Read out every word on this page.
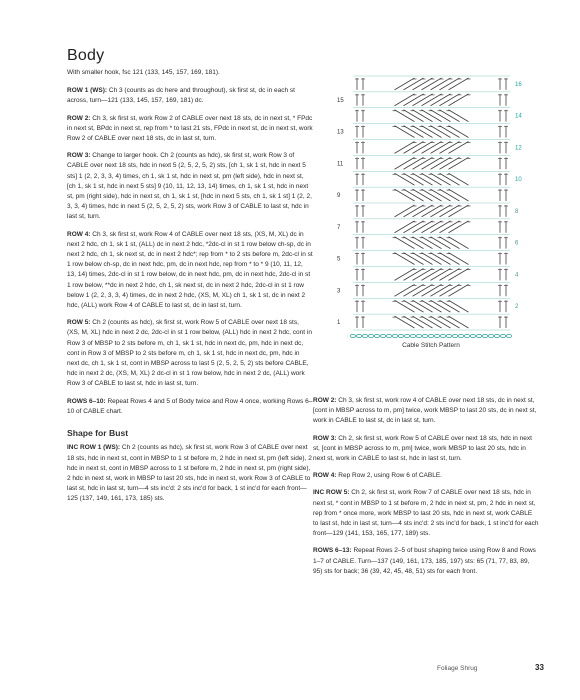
Body

With smaller hook, fsc 121 (133, 145, 157, 169, 181).

ROW 1 (WS): Ch 3 (counts as dc here and throughout), sk first st, dc in each st across, turn—121 (133, 145, 157, 169, 181) dc.

ROW 2: Ch 3, sk first st, work Row 2 of CABLE over next 18 sts, dc in next st, * FPdc in next st, BPdc in next st, rep from * to last 21 sts, FPdc in next st, dc in next st, work Row 2 of CABLE over next 18 sts, dc in last st, turn.

ROW 3: Change to larger hook. Ch 2 (counts as hdc), sk first st, work Row 3 of CABLE over next 18 sts, hdc in next 5 (2, 5, 2, 5, 2) sts, [ch 1, sk 1 st, hdc in next 5 sts] 1 (2, 2, 3, 3, 4) times, ch 1, sk 1 st, hdc in next st, pm (left side), hdc in next st, [ch 1, sk 1 st, hdc in next 5 sts] 9 (10, 11, 12, 13, 14) times, ch 1, sk 1 st, hdc in next st, pm (right side), hdc in next st, ch 1, sk 1 st, [hdc in next 5 sts, ch 1, sk 1 st] 1 (2, 2, 3, 3, 4) times, hdc in next 5 (2, 5, 2, 5, 2) sts, work Row 3 of CABLE to last st, hdc in last st, turn.

ROW 4: Ch 3, sk first st, work Row 4 of CABLE over next 18 sts, (XS, M, XL) dc in next 2 hdc, ch 1, sk 1 st, (ALL) dc in next 2 hdc, *2dc-cl in st 1 row below ch-sp, dc in next 2 hdc, ch 1, sk next st, dc in next 2 hdc*; rep from * to 2 sts before m, 2dc-cl in st 1 row below ch-sp, dc in next hdc, pm, dc in next hdc, rep from * to * 9 (10, 11, 12, 13, 14) times, 2dc-cl in st 1 row below, dc in next hdc, pm, dc in next hdc, 2dc-cl in st 1 row below, **dc in next 2 hdc, ch 1, sk next st, dc in next 2 hdc, 2dc-cl in st 1 row below 1 (2, 2, 3, 3, 4) times, dc in next 2 hdc, (XS, M, XL) ch 1, sk 1 st, dc in next 2 hdc, (ALL) work Row 4 of CABLE to last st, dc in last st, turn.

ROW 5: Ch 2 (counts as hdc), sk first st, work Row 5 of CABLE over next 18 sts, (XS, M, XL) hdc in next 2 dc, 2dc-cl in st 1 row below, (ALL) hdc in next 2 hdc, cont in Row 3 of MBSP to 2 sts before m, ch 1, sk 1 st, hdc in next dc, pm, hdc in next dc, cont in Row 3 of MBSP to 2 sts before m, ch 1, sk 1 st, hdc in next dc, pm, hdc in next dc, ch 1, sk 1 st, cont in MBSP across to last 5 (2, 5, 2, 5, 2) sts before CABLE, hdc in next 2 dc, (XS, M, XL) 2 dc-cl in st 1 row below, hdc in next 2 dc, (ALL) work Row 3 of CABLE to last st, hdc in last st, turn.

ROWS 6–10: Repeat Rows 4 and 5 of Body twice and Row 4 once, working Rows 6–10 of CABLE chart.

Shape for Bust

INC ROW 1 (WS): Ch 2 (counts as hdc), sk first st, work Row 3 of CABLE over next 18 sts, hdc in next st, cont in MBSP to 1 st before m, 2 hdc in next st, pm (left side), 2 hdc in next st, cont in MBSP across to 1 st before m, 2 hdc in next st, pm (right side), 2 hdc in next st, work in MBSP to last 20 sts, hdc in next st, work Row 3 of CABLE to last st, hdc in last st, turn—4 sts inc'd: 2 sts inc'd for back, 1 st inc'd for each front—125 (137, 149, 161, 173, 185) sts.

15
13
11
9
7
5
3
1
16
14
12
10
8
6
4
2
Cable Stitch Pattern

ROW 2: Ch 3, sk first st, work row 4 of CABLE over next 18 sts, dc in next st, [cont in MBSP across to m, pm] twice, work MBSP to last 20 sts, dc in next st, work in CABLE to last st, dc in last st, turn.

ROW 3: Ch 2, sk first st, work Row 5 of CABLE over next 18 sts, hdc in next st, [cont in MBSP across to m, pm] twice, work MBSP to last 20 sts, hdc in next st, work in CABLE to last st, hdc in last st, turn.

ROW 4: Rep Row 2, using Row 6 of CABLE.

INC ROW 5: Ch 2, sk first st, work Row 7 of CABLE over next 18 sts, hdc in next st, * cont in MBSP to 1 st before m, 2 hdc in next st, pm, 2 hdc in next st, rep from * once more, work MBSP to last 20 sts, hdc in next st, work CABLE to last st, hdc in last st, turn—4 sts inc'd: 2 sts inc'd for back, 1 st inc'd for each front—129 (141, 153, 165, 177, 189) sts.

ROWS 6–13: Repeat Rows 2–5 of bust shaping twice using Row 8 and Rows 1–7 of CABLE. Turn—137 (149, 161, 173, 185, 197) sts: 65 (71, 77, 83, 89, 95) sts for back; 36 (39, 42, 45, 48, 51) sts for each front.

Foliage Shrug	33
